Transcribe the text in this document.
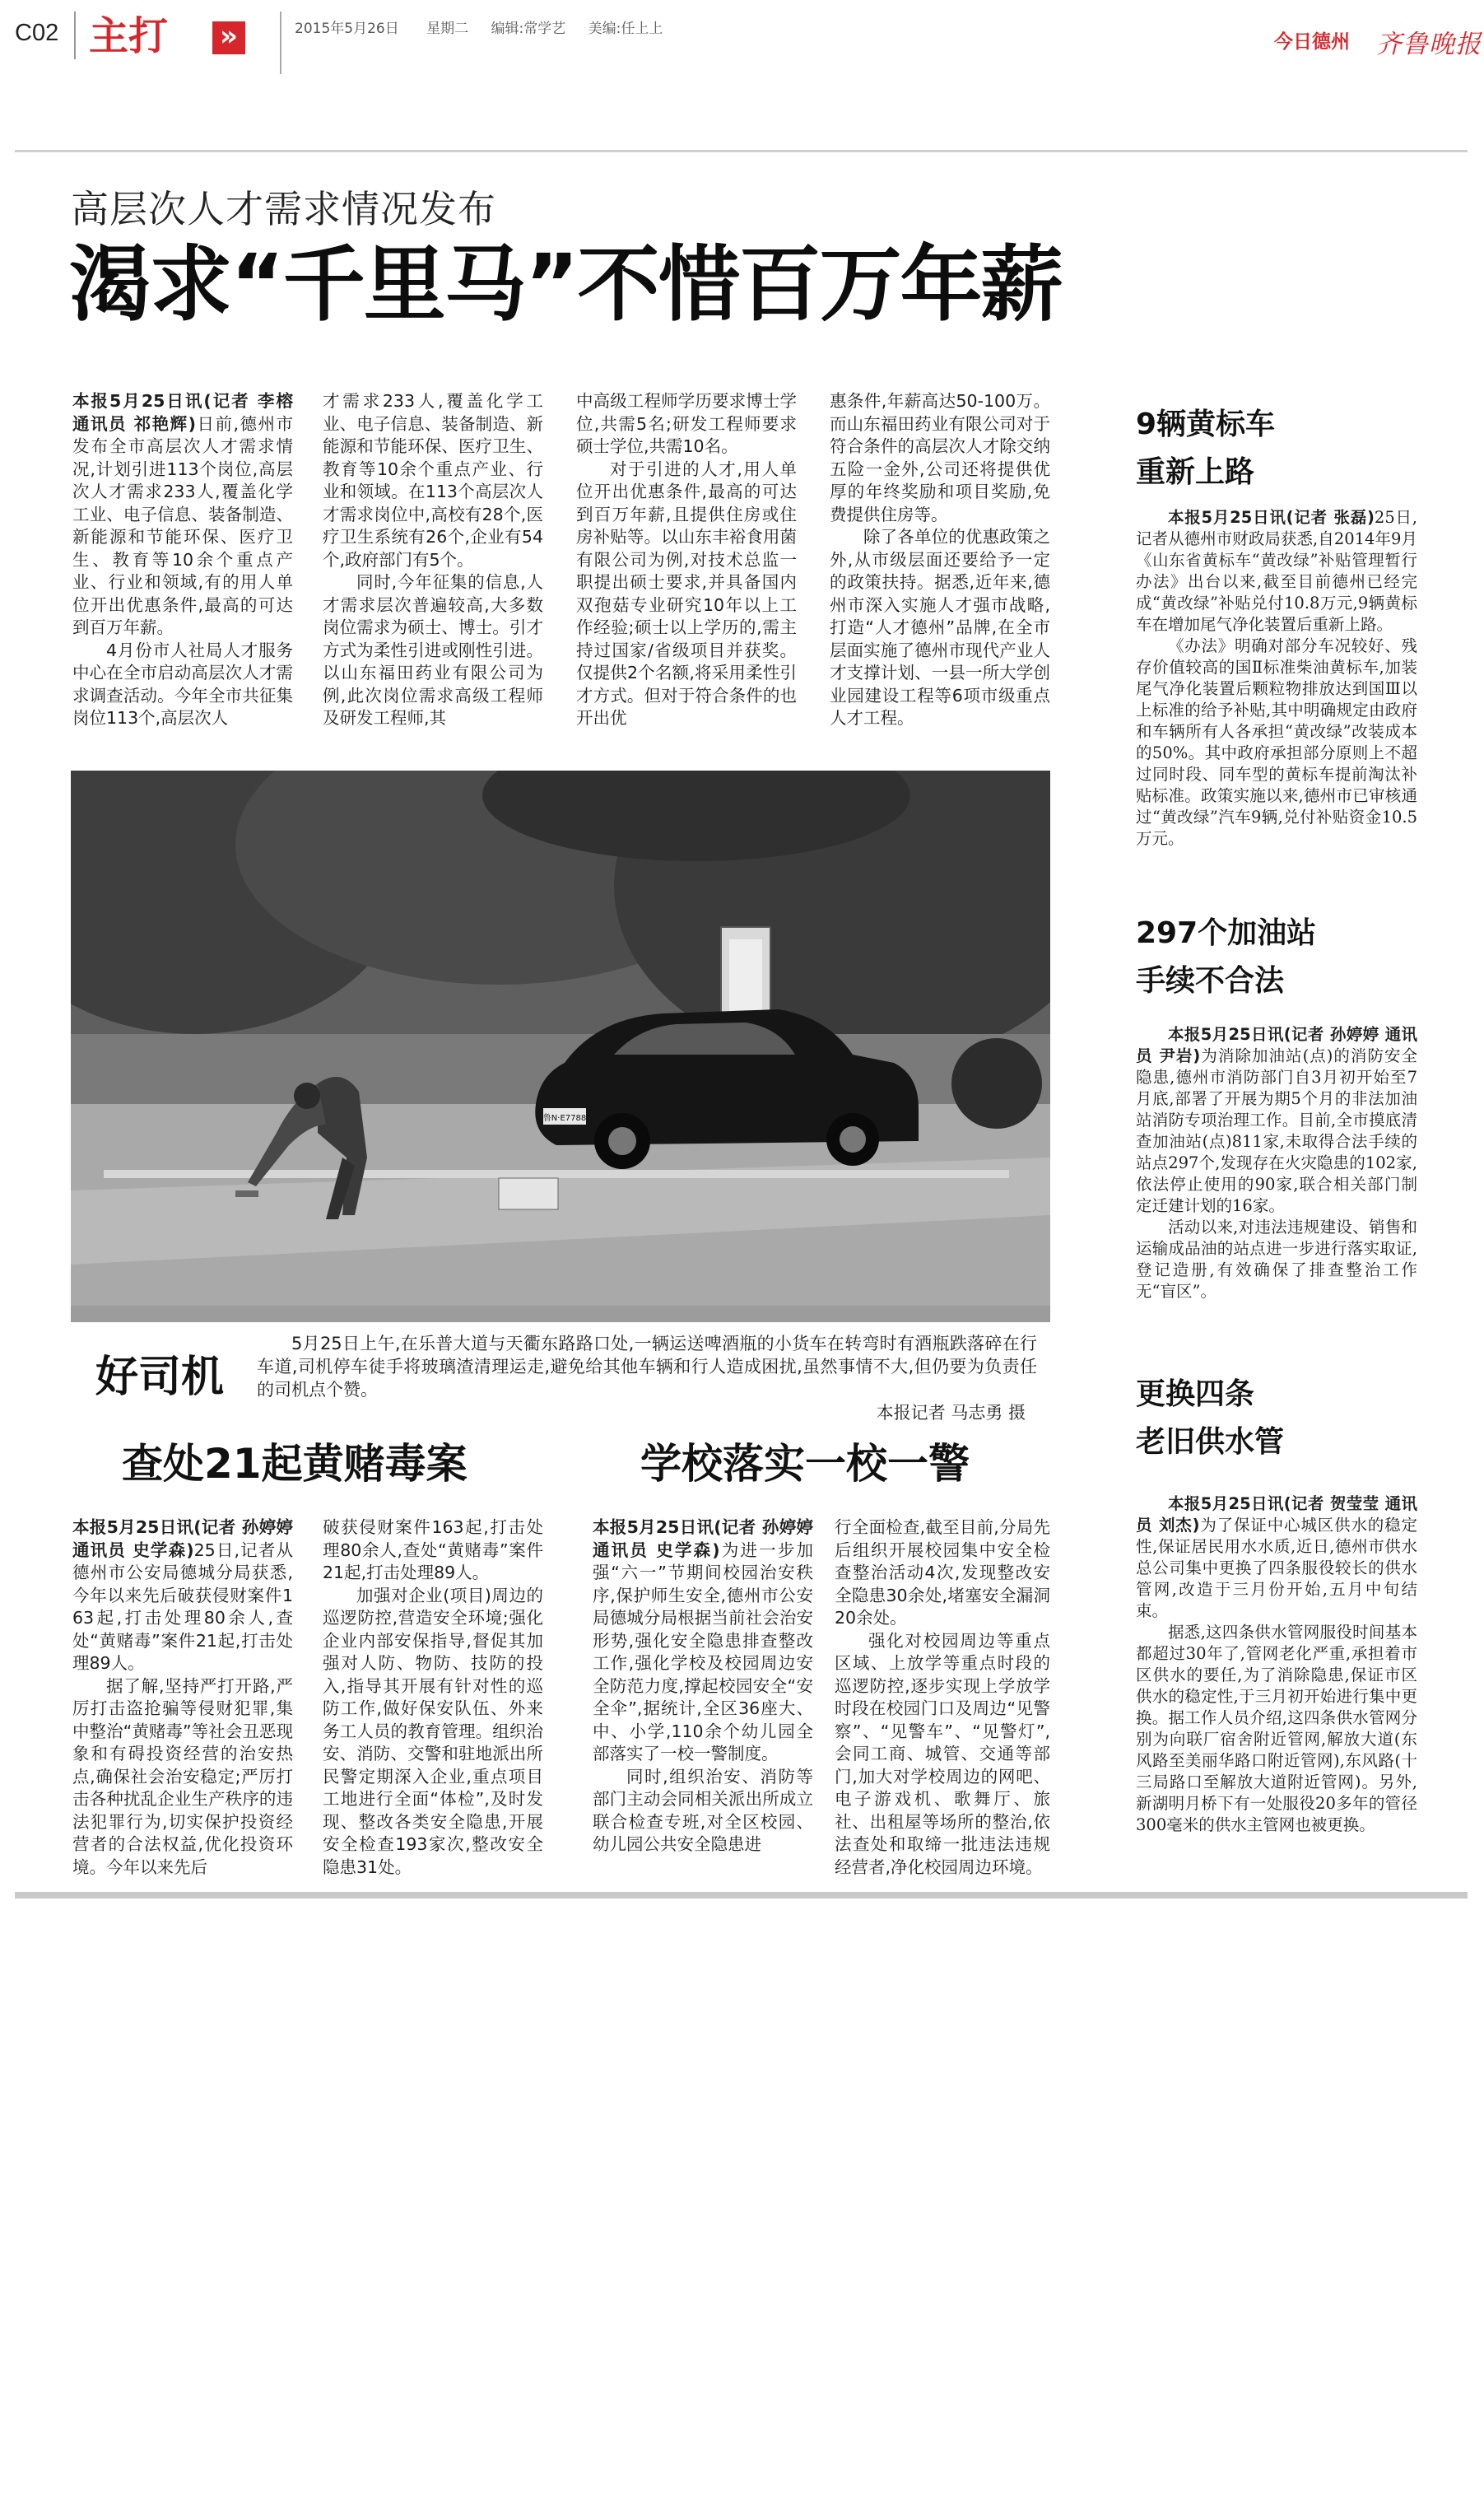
C02 主打 »	2015年5月26日 星期二 编辑:常学艺 美编:任上上
今日德州 齐鲁晚报
高层次人才需求情况发布
渴求“千里马”不惜百万年薪

本报5月25日讯(记者 李榕 通讯员 祁艳辉)日前,德州市发布全市高层次人才需求情况,计划引进113个岗位,高层次人才需求233人,覆盖化学工业、电子信息、装备制造、新能源和节能环保、医疗卫生、教育等10余个重点产业、行业和领域,有的用人单位开出优惠条件,最高的可达到百万年薪。

4月份市人社局人才服务中心在全市启动高层次人才需求调查活动。今年全市共征集岗位113个,高层次人

才需求233人,覆盖化学工业、电子信息、装备制造、新能源和节能环保、医疗卫生、教育等10余个重点产业、行业和领域。在113个高层次人才需求岗位中,高校有28个,医疗卫生系统有26个,企业有54个,政府部门有5个。

同时,今年征集的信息,人才需求层次普遍较高,大多数岗位需求为硕士、博士。引才方式为柔性引进或刚性引进。以山东福田药业有限公司为例,此次岗位需求高级工程师及研发工程师,其

中高级工程师学历要求博士学位,共需5名;研发工程师要求硕士学位,共需10名。

对于引进的人才,用人单位开出优惠条件,最高的可达到百万年薪,且提供住房或住房补贴等。以山东丰裕食用菌有限公司为例,对技术总监一职提出硕士要求,并具备国内双孢菇专业研究10年以上工作经验;硕士以上学历的,需主持过国家/省级项目并获奖。仅提供2个名额,将采用柔性引才方式。但对于符合条件的也开出优

惠条件,年薪高达50-100万。而山东福田药业有限公司对于符合条件的高层次人才除交纳五险一金外,公司还将提供优厚的年终奖励和项目奖励,免费提供住房等。

除了各单位的优惠政策之外,从市级层面还要给予一定的政策扶持。据悉,近年来,德州市深入实施人才强市战略,打造“人才德州”品牌,在全市层面实施了德州市现代产业人才支撑计划、一县一所大学创业园建设工程等6项市级重点人才工程。

鲁N·E7788
好司机
5月25日上午,在乐普大道与天衢东路路口处,一辆运送啤酒瓶的小货车在转弯时有酒瓶跌落碎在行车道,司机停车徒手将玻璃渣清理运走,避免给其他车辆和行人造成困扰,虽然事情不大,但仍要为负责任的司机点个赞。
本报记者 马志勇 摄
查处21起黄赌毒案

本报5月25日讯(记者 孙婷婷 通讯员 史学森)25日,记者从德州市公安局德城分局获悉,今年以来先后破获侵财案件163起,打击处理80余人,查处“黄赌毒”案件21起,打击处理89人。

据了解,坚持严打开路,严厉打击盗抢骗等侵财犯罪,集中整治“黄赌毒”等社会丑恶现象和有碍投资经营的治安热点,确保社会治安稳定;严厉打击各种扰乱企业生产秩序的违法犯罪行为,切实保护投资经营者的合法权益,优化投资环境。今年以来先后

破获侵财案件163起,打击处理80余人,查处“黄赌毒”案件21起,打击处理89人。

加强对企业(项目)周边的巡逻防控,营造安全环境;强化企业内部安保指导,督促其加强对人防、物防、技防的投入,指导其开展有针对性的巡防工作,做好保安队伍、外来务工人员的教育管理。组织治安、消防、交警和驻地派出所民警定期深入企业,重点项目工地进行全面“体检”,及时发现、整改各类安全隐患,开展安全检查193家次,整改安全隐患31处。

学校落实一校一警

本报5月25日讯(记者 孙婷婷 通讯员 史学森)为进一步加强“六一”节期间校园治安秩序,保护师生安全,德州市公安局德城分局根据当前社会治安形势,强化安全隐患排查整改工作,强化学校及校园周边安全防范力度,撑起校园安全“安全伞”,据统计,全区36座大、中、小学,110余个幼儿园全部落实了一校一警制度。

同时,组织治安、消防等部门主动会同相关派出所成立联合检查专班,对全区校园、幼儿园公共安全隐患进

行全面检查,截至目前,分局先后组织开展校园集中安全检查整治活动4次,发现整改安全隐患30余处,堵塞安全漏洞20余处。

强化对校园周边等重点区域、上放学等重点时段的巡逻防控,逐步实现上学放学时段在校园门口及周边“见警察”、“见警车”、“见警灯”,会同工商、城管、交通等部门,加大对学校周边的网吧、电子游戏机、歌舞厅、旅社、出租屋等场所的整治,依法查处和取缔一批违法违规经营者,净化校园周边环境。

9辆黄标车
重新上路

本报5月25日讯(记者 张磊)25日,记者从德州市财政局获悉,自2014年9月《山东省黄标车“黄改绿”补贴管理暂行办法》出台以来,截至目前德州已经完成“黄改绿”补贴兑付10.8万元,9辆黄标车在增加尾气净化装置后重新上路。

《办法》明确对部分车况较好、残存价值较高的国Ⅱ标准柴油黄标车,加装尾气净化装置后颗粒物排放达到国Ⅲ以上标准的给予补贴,其中明确规定由政府和车辆所有人各承担“黄改绿”改装成本的50%。其中政府承担部分原则上不超过同时段、同车型的黄标车提前淘汰补贴标准。政策实施以来,德州市已审核通过“黄改绿”汽车9辆,兑付补贴资金10.5万元。

297个加油站
手续不合法

本报5月25日讯(记者 孙婷婷 通讯员 尹岩)为消除加油站(点)的消防安全隐患,德州市消防部门自3月初开始至7月底,部署了开展为期5个月的非法加油站消防专项治理工作。目前,全市摸底清查加油站(点)811家,未取得合法手续的站点297个,发现存在火灾隐患的102家,依法停止使用的90家,联合相关部门制定迁建计划的16家。

活动以来,对违法违规建设、销售和运输成品油的站点进一步进行落实取证,登记造册,有效确保了排查整治工作无“盲区”。

更换四条
老旧供水管

本报5月25日讯(记者 贺莹莹 通讯员 刘杰)为了保证中心城区供水的稳定性,保证居民用水水质,近日,德州市供水总公司集中更换了四条服役较长的供水管网,改造于三月份开始,五月中旬结束。

据悉,这四条供水管网服役时间基本都超过30年了,管网老化严重,承担着市区供水的要任,为了消除隐患,保证市区供水的稳定性,于三月初开始进行集中更换。据工作人员介绍,这四条供水管网分别为向联厂宿舍附近管网,解放大道(东风路至美丽华路口附近管网),东风路(十三局路口至解放大道附近管网)。另外,新湖明月桥下有一处服役20多年的管径300毫米的供水主管网也被更换。
